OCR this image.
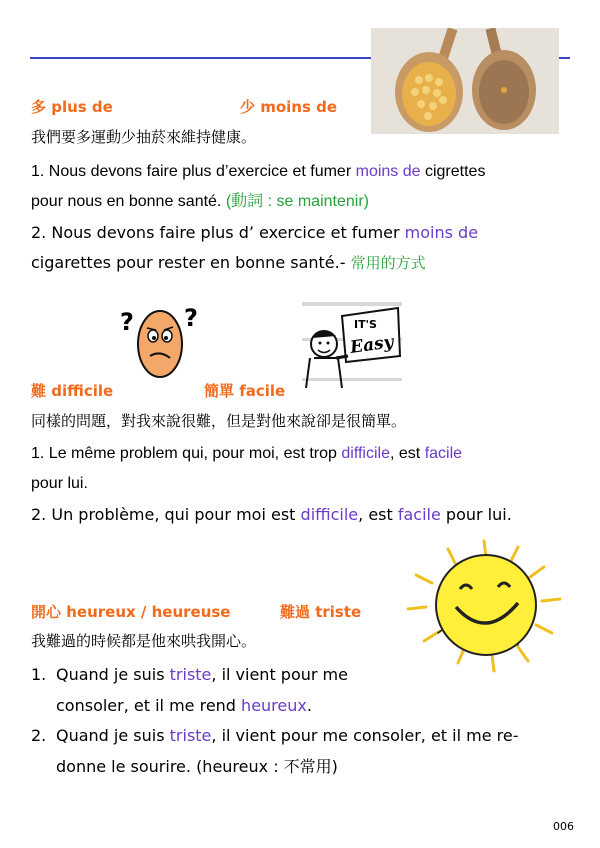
多 plus de	少 moins de
我們要多運動少抽菸來維持健康。
1. Nous devons faire plus d’exercice et fumer moins de cigrettes
pour nous en bonne santé. (動詞 : se maintenir)
2. Nous devons faire plus d’ exercice et fumer moins de
cigarettes pour rester en bonne santé.- 常用的方式
? ?	IT'S
Easy
難 difficile	簡單 facile
同樣的問題，對我來說很難，但是對他來說卻是很簡單。
1. Le même problem qui, pour moi, est trop difficile, est facile
pour lui.
2. Un problème, qui pour moi est difficile, est facile pour lui.
開心 heureux / heureuse	難過 triste
我難過的時候都是他來哄我開心。
1. Quand je suis triste, il vient pour me
consoler, et il me rend heureux.
2. Quand je suis triste, il vient pour me consoler, et il me re-
donne le sourire. (heureux : 不常用)
006
